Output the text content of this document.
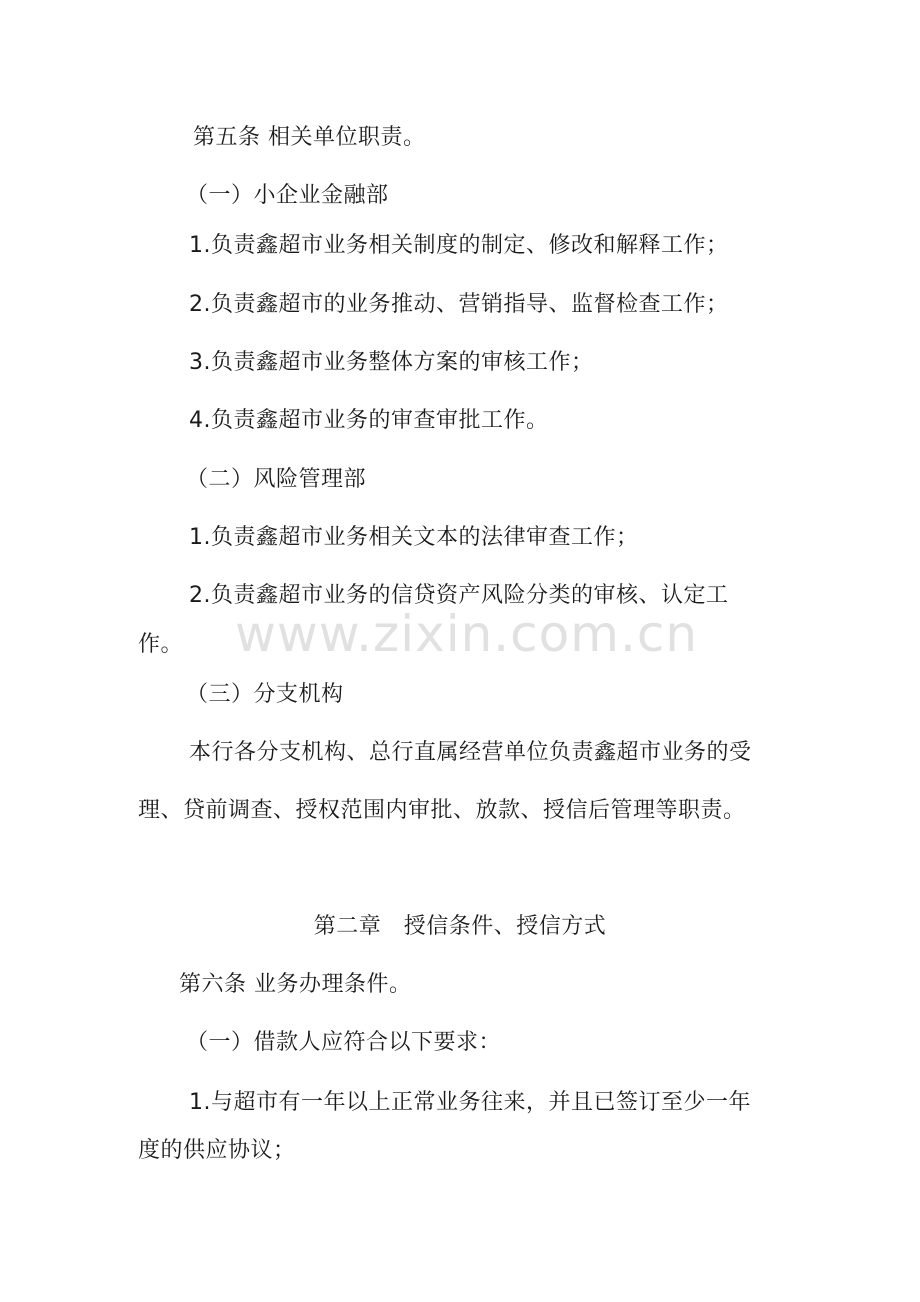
第五条 相关单位职责。
（一）小企业金融部
1.负责鑫超市业务相关制度的制定、修改和解释工作；
2.负责鑫超市的业务推动、营销指导、监督检查工作；
3.负责鑫超市业务整体方案的审核工作；
4.负责鑫超市业务的审查审批工作。
（二）风险管理部
1.负责鑫超市业务相关文本的法律审查工作；
2.负责鑫超市业务的信贷资产风险分类的审核、认定工
作。
（三）分支机构
本行各分支机构、总行直属经营单位负责鑫超市业务的受
理、贷前调查、授权范围内审批、放款、授信后管理等职责。
第二章　授信条件、授信方式
第六条 业务办理条件。
（一）借款人应符合以下要求：
1.与超市有一年以上正常业务往来，并且已签订至少一年
度的供应协议；
www.zixin.com.cn
